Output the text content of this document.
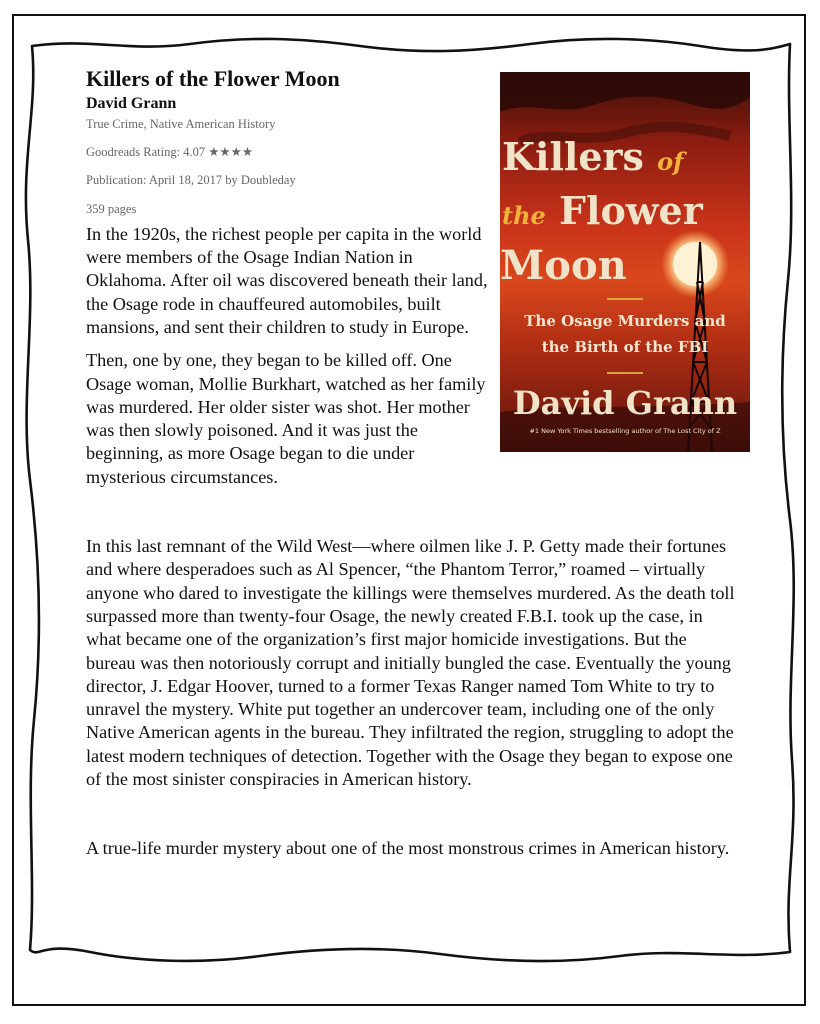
Killers of
the Flower
Moon
The Osage Murders and
the Birth of the FBI
David Grann
#1 New York Times bestselling author of The Lost City of Z
Killers of the Flower Moon

David Grann

True Crime, Native American History

Goodreads Rating: 4.07 ★★★★

Publication: April 18, 2017 by Doubleday

359 pages

In the 1920s, the richest people per capita in the world were members of the Osage Indian Nation in Oklahoma. After oil was discovered beneath their land, the Osage rode in chauffeured automobiles, built mansions, and sent their children to study in Europe.

Then, one by one, they began to be killed off. One Osage woman, Mollie Burkhart, watched as her family was murdered. Her older sister was shot. Her mother was then slowly poisoned. And it was just the beginning, as more Osage began to die under mysterious circumstances.

In this last remnant of the Wild West—where oilmen like J. P. Getty made their fortunes and where desperadoes such as Al Spencer, “the Phantom Terror,” roamed – virtually anyone who dared to investigate the killings were themselves murdered. As the death toll surpassed more than twenty-four Osage, the newly created F.B.I. took up the case, in what became one of the organization’s first major homicide investigations. But the bureau was then notoriously corrupt and initially bungled the case. Eventually the young director, J. Edgar Hoover, turned to a former Texas Ranger named Tom White to try to unravel the mystery. White put together an undercover team, including one of the only Native American agents in the bureau. They infiltrated the region, struggling to adopt the latest modern techniques of detection. Together with the Osage they began to expose one of the most sinister conspiracies in American history.

A true-life murder mystery about one of the most monstrous crimes in American history.
